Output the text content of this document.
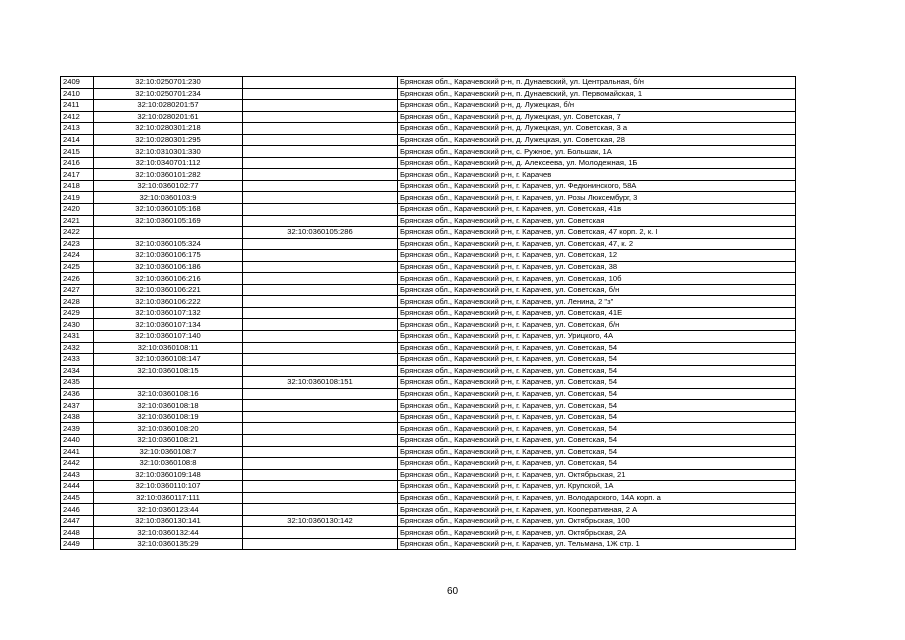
2409	32:10:0250701:230		Брянская обл., Карачевский р-н, п. Дунаевский, ул. Центральная, б/н
2410	32:10:0250701:234		Брянская обл., Карачевский р-н, п. Дунаевский, ул. Первомайская, 1
2411	32:10:0280201:57		Брянская обл., Карачевский р-н, д. Лужецкая, б/н
2412	32:10:0280201:61		Брянская обл., Карачевский р-н, д. Лужецкая, ул. Советская, 7
2413	32:10:0280301:218		Брянская обл., Карачевский р-н, д. Лужецкая, ул. Советская, 3 а
2414	32:10:0280301:295		Брянская обл., Карачевский р-н, д. Лужецкая, ул. Советская, 28
2415	32:10:0310301:330		Брянская обл., Карачевский р-н, с. Ружное, ул. Большак, 1А
2416	32:10:0340701:112		Брянская обл., Карачевский р-н, д. Алексеева, ул. Молодежная, 1Б
2417	32:10:0360101:282		Брянская обл., Карачевский р-н, г. Карачев
2418	32:10:0360102:77		Брянская обл., Карачевский р-н, г. Карачев, ул. Федюнинского, 58А
2419	32:10:0360103:9		Брянская обл., Карачевский р-н, г. Карачев, ул. Розы Люксембург, 3
2420	32:10:0360105:168		Брянская обл., Карачевский р-н, г. Карачев, ул. Советская, 41в
2421	32:10:0360105:169		Брянская обл., Карачевский р-н, г. Карачев, ул. Советская
2422		32:10:0360105:286	Брянская обл., Карачевский р-н, г. Карачев, ул. Советская, 47 корп. 2, к. I
2423	32:10:0360105:324		Брянская обл., Карачевский р-н, г. Карачев, ул. Советская, 47, к. 2
2424	32:10:0360106:175		Брянская обл., Карачевский р-н, г. Карачев, ул. Советская, 12
2425	32:10:0360106:186		Брянская обл., Карачевский р-н, г. Карачев, ул. Советская, 38
2426	32:10:0360106:216		Брянская обл., Карачевский р-н, г. Карачев, ул. Советская, 10б
2427	32:10:0360106:221		Брянская обл., Карачевский р-н, г. Карачев, ул. Советская, б/н
2428	32:10:0360106:222		Брянская обл., Карачевский р-н, г. Карачев, ул. Ленина, 2 "з"
2429	32:10:0360107:132		Брянская обл., Карачевский р-н, г. Карачев, ул. Советская, 41Е
2430	32:10:0360107:134		Брянская обл., Карачевский р-н, г. Карачев, ул. Советская, б/н
2431	32:10:0360107:140		Брянская обл., Карачевский р-н, г. Карачев, ул. Урицкого, 4А
2432	32:10:0360108:11		Брянская обл., Карачевский р-н, г. Карачев, ул. Советская, 54
2433	32:10:0360108:147		Брянская обл., Карачевский р-н, г. Карачев, ул. Советская, 54
2434	32:10:0360108:15		Брянская обл., Карачевский р-н, г. Карачев, ул. Советская, 54
2435		32:10:0360108:151	Брянская обл., Карачевский р-н, г. Карачев, ул. Советская, 54
2436	32:10:0360108:16		Брянская обл., Карачевский р-н, г. Карачев, ул. Советская, 54
2437	32:10:0360108:18		Брянская обл., Карачевский р-н, г. Карачев, ул. Советская, 54
2438	32:10:0360108:19		Брянская обл., Карачевский р-н, г. Карачев, ул. Советская, 54
2439	32:10:0360108:20		Брянская обл., Карачевский р-н, г. Карачев, ул. Советская, 54
2440	32:10:0360108:21		Брянская обл., Карачевский р-н, г. Карачев, ул. Советская, 54
2441	32:10:0360108:7		Брянская обл., Карачевский р-н, г. Карачев, ул. Советская, 54
2442	32:10:0360108:8		Брянская обл., Карачевский р-н, г. Карачев, ул. Советская, 54
2443	32:10:0360109:148		Брянская обл., Карачевский р-н, г. Карачев, ул. Октябрьская, 21
2444	32:10:0360110:107		Брянская обл., Карачевский р-н, г. Карачев, ул. Крупской, 1А
2445	32:10:0360117:111		Брянская обл., Карачевский р-н, г. Карачев, ул. Володарского, 14А корп. а
2446	32:10:0360123:44		Брянская обл., Карачевский р-н, г. Карачев, ул. Кооперативная, 2 А
2447	32:10:0360130:141	32:10:0360130:142	Брянская обл., Карачевский р-н, г. Карачев, ул. Октябрьская, 100
2448	32:10:0360132:44		Брянская обл., Карачевский р-н, г. Карачев, ул. Октябрьская, 2А
2449	32:10:0360135:29		Брянская обл., Карачевский р-н, г. Карачев, ул. Тельмана, 1Ж стр. 1
60
